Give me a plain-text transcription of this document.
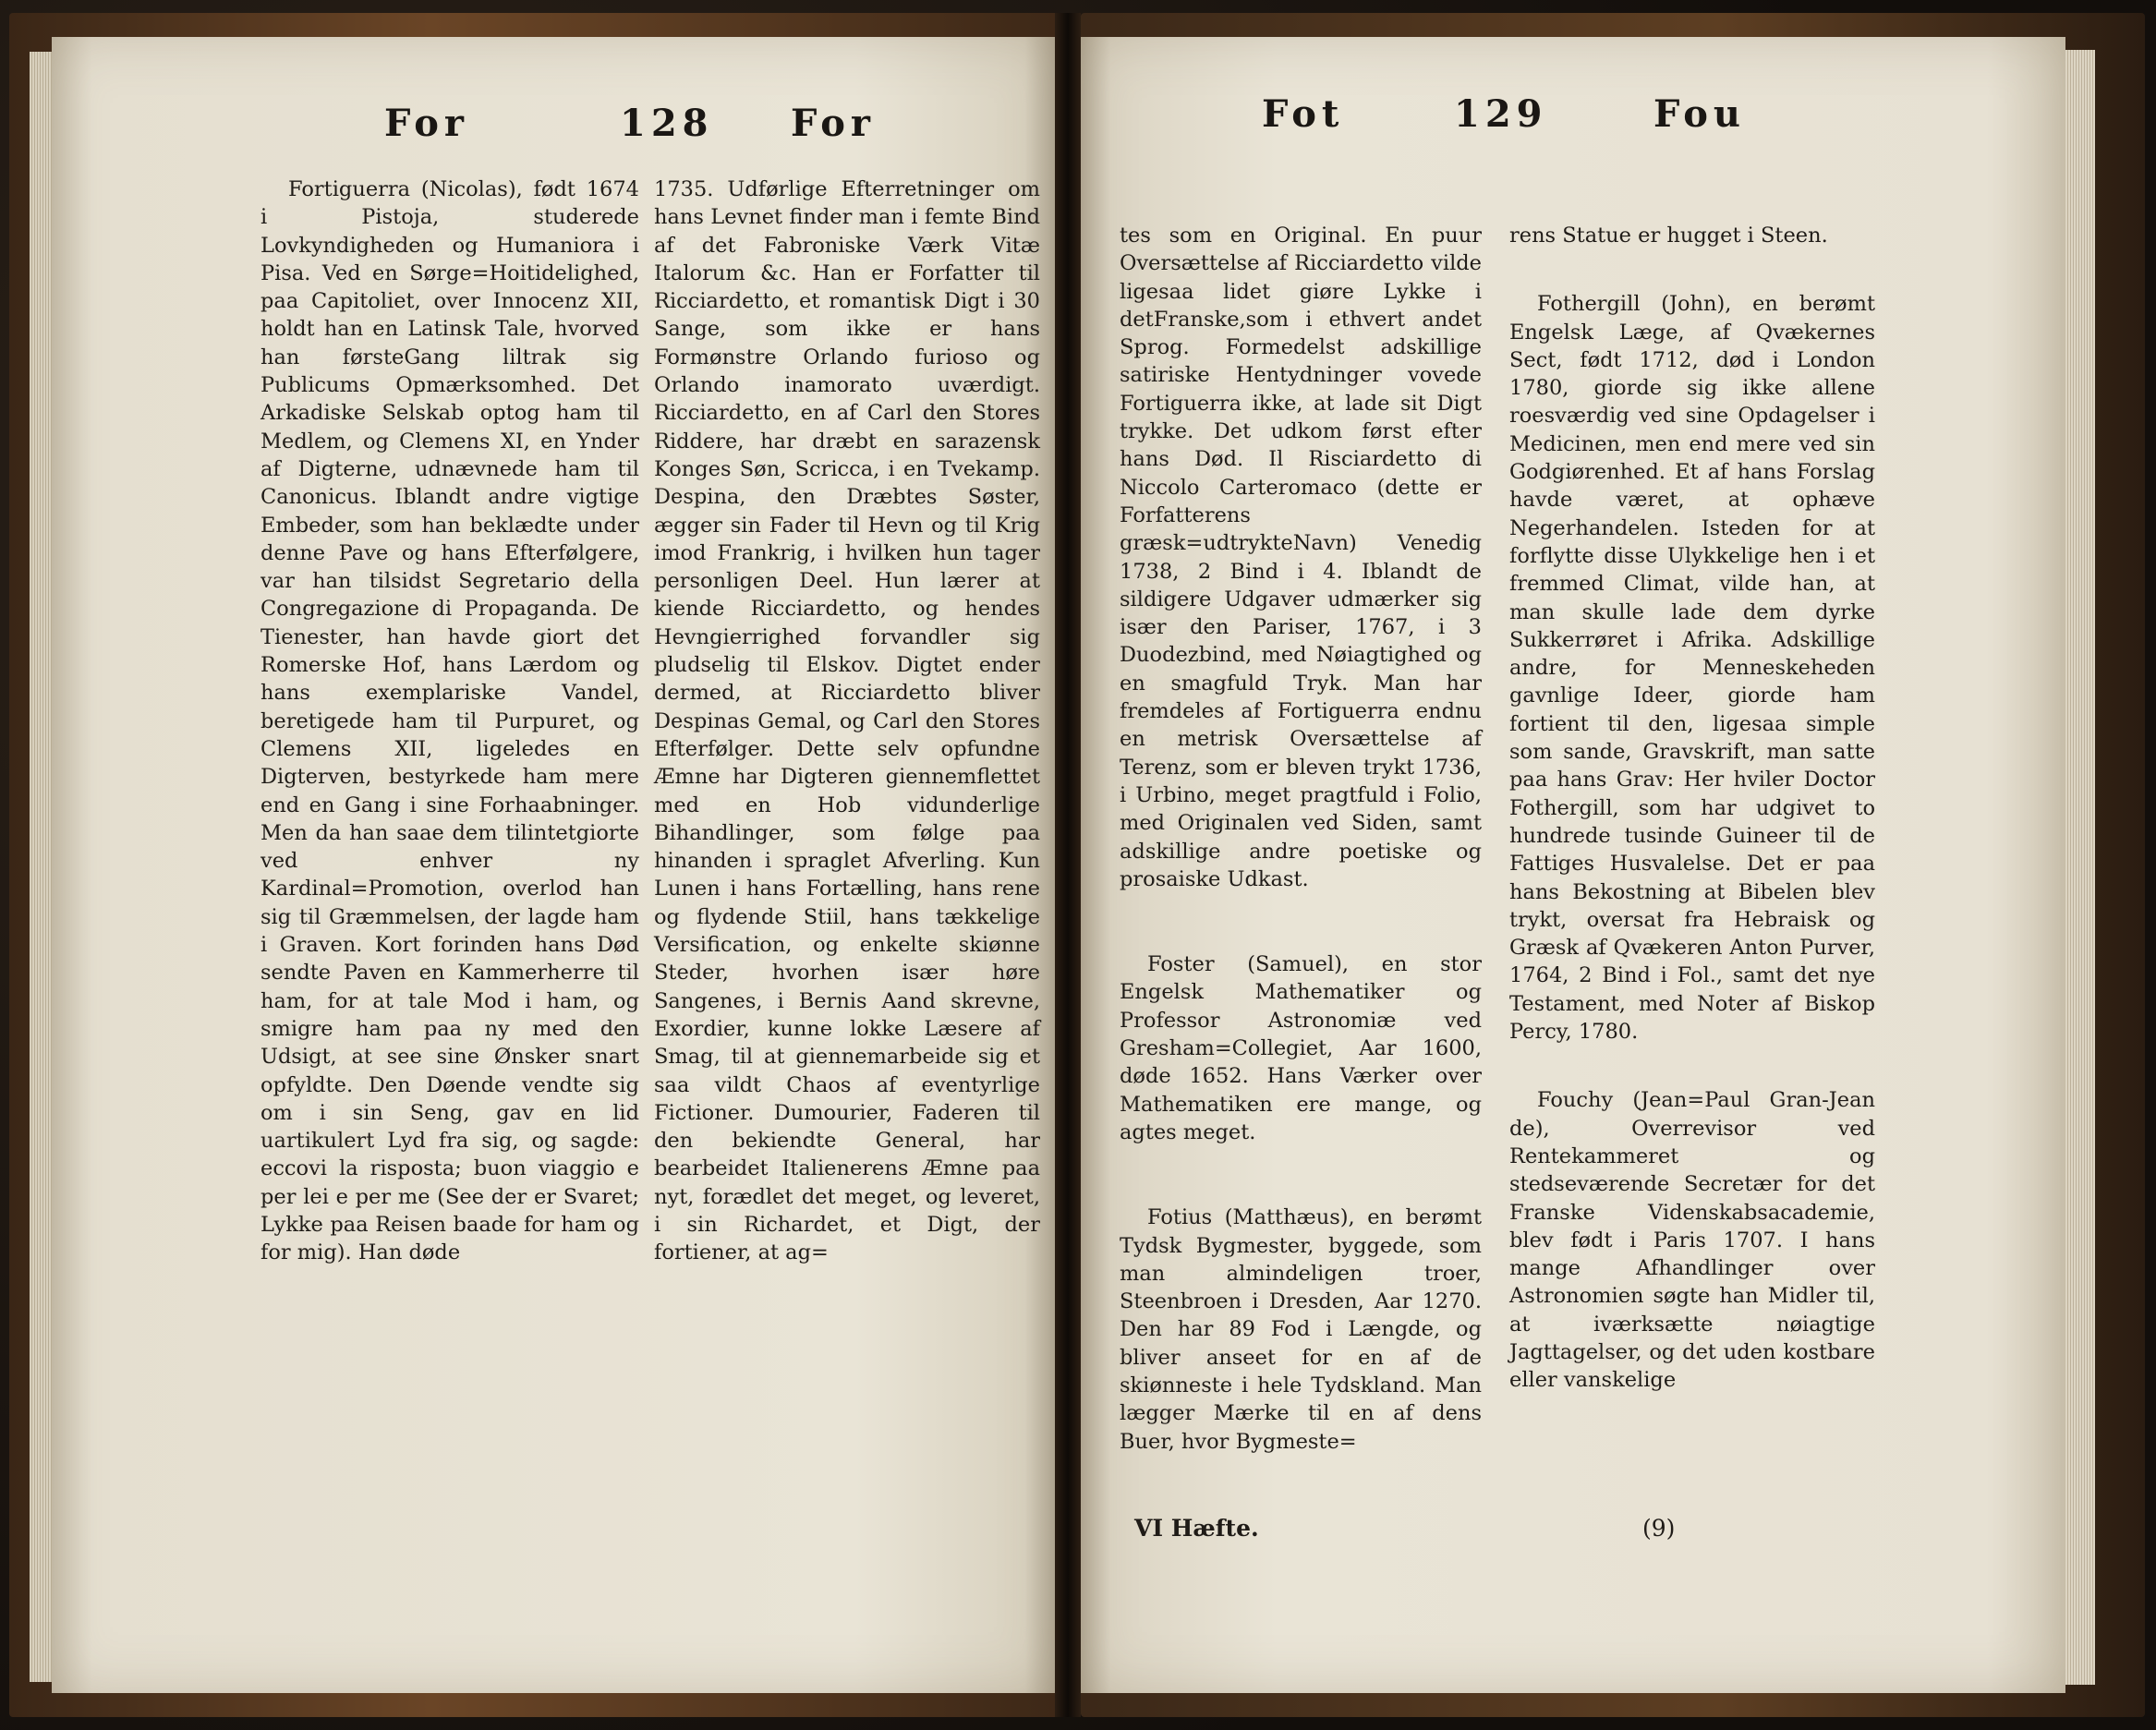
For	128 For

Fortiguerra (Nicolas), født 1674 i Pistoja, studerede Lovkyndigheden og Humaniora i Pisa. Ved en Sørge=Hoitidelighed, paa Capitoliet, over Innocenz XII, holdt han en Latinsk Tale, hvorved han førsteGang liltrak sig Publicums Opmærksomhed. Det Arkadiske Selskab optog ham til Medlem, og Clemens XI, en Ynder af Digterne, udnævnede ham til Canonicus. Iblandt andre vigtige Embeder, som han beklædte under denne Pave og hans Efterfølgere, var han tilsidst Segretario della Congregazione di Propaganda. De Tienester, han havde giort det Romerske Hof, hans Lærdom og hans exemplariske Vandel, beretigede ham til Purpuret, og Clemens XII, ligeledes en Digterven, bestyrkede ham mere end en Gang i sine Forhaabninger. Men da han saae dem tilintetgiorte ved enhver ny Kardinal=Promotion, overlod han sig til Græmmelsen, der lagde ham i Graven. Kort forinden hans Død sendte Paven en Kammerherre til ham, for at tale Mod i ham, og smigre ham paa ny med den Udsigt, at see sine Ønsker snart opfyldte. Den Døende vendte sig om i sin Seng, gav en lid uartikulert Lyd fra sig, og sagde: eccovi la risposta; buon viaggio e per lei e per me (See der er Svaret; Lykke paa Reisen baade for ham og for mig). Han døde

1735. Udførlige Efterretninger om hans Levnet finder man i femte Bind af det Fabroniske Værk Vitæ Italorum &c. Han er Forfatter til Ricciardetto, et romantisk Digt i 30 Sange, som ikke er hans Formønstre Orlando furioso og Orlando inamorato uværdigt. Ricciardetto, en af Carl den Stores Riddere, har dræbt en sarazensk Konges Søn, Scricca, i en Tvekamp. Despina, den Dræbtes Søster, ægger sin Fader til Hevn og til Krig imod Frankrig, i hvilken hun tager personligen Deel. Hun lærer at kiende Ricciardetto, og hendes Hevngierrighed forvandler sig pludselig til Elskov. Digtet ender dermed, at Ricciardetto bliver Despinas Gemal, og Carl den Stores Efterfølger. Dette selv opfundne Æmne har Digteren giennemflettet med en Hob vidunderlige Bihandlinger, som følge paa hinanden i spraglet Afverling. Kun Lunen i hans Fortælling, hans rene og flydende Stiil, hans tækkelige Versification, og enkelte skiønne Steder, hvorhen især høre Sangenes, i Bernis Aand skrevne, Exordier, kunne lokke Læsere af Smag, til at giennemarbeide sig et saa vildt Chaos af eventyrlige Fictioner. Dumourier, Faderen til den bekiendte General, har bearbeidet Italienerens Æmne paa nyt, forædlet det meget, og leveret, i sin Richardet, et Digt, der fortiener, at ag=

Fot	129	Fou

tes som en Original. En puur Oversættelse af Ricciardetto vilde ligesaa lidet giøre Lykke i detFranske,som i ethvert andet Sprog. Formedelst adskillige satiriske Hentydninger vovede Fortiguerra ikke, at lade sit Digt trykke. Det udkom først efter hans Død. Il Risciardetto di Niccolo Carteromaco (dette er Forfatterens græsk=udtrykteNavn) Venedig 1738, 2 Bind i 4. Iblandt de sildigere Udgaver udmærker sig især den Pariser, 1767, i 3 Duodezbind, med Nøiagtighed og en smagfuld Tryk. Man har fremdeles af Fortiguerra endnu en metrisk Oversættelse af Terenz, som er bleven trykt 1736, i Urbino, meget pragtfuld i Folio, med Originalen ved Siden, samt adskillige andre poetiske og prosaiske Udkast.

Foster (Samuel), en stor Engelsk Mathematiker og Professor Astronomiæ ved Gresham=Collegiet, Aar 1600, døde 1652. Hans Værker over Mathematiken ere mange, og agtes meget.

Fotius (Matthæus), en berømt Tydsk Bygmester, byggede, som man almindeligen troer, Steenbroen i Dresden, Aar 1270. Den har 89 Fod i Længde, og bliver anseet for en af de skiønneste i hele Tydskland. Man lægger Mærke til en af dens Buer, hvor Bygmeste=

rens Statue er hugget i Steen.

Fothergill (John), en berømt Engelsk Læge, af Qvækernes Sect, født 1712, død i London 1780, giorde sig ikke allene roesværdig ved sine Opdagelser i Medicinen, men end mere ved sin Godgiørenhed. Et af hans Forslag havde været, at ophæve Negerhandelen. Isteden for at forflytte disse Ulykkelige hen i et fremmed Climat, vilde han, at man skulle lade dem dyrke Sukkerrøret i Afrika. Adskillige andre, for Menneskeheden gavnlige Ideer, giorde ham fortient til den, ligesaa simple som sande, Gravskrift, man satte paa hans Grav: Her hviler Doctor Fothergill, som har udgivet to hundrede tusinde Guineer til de Fattiges Husvalelse. Det er paa hans Bekostning at Bibelen blev trykt, oversat fra Hebraisk og Græsk af Qvækeren Anton Purver, 1764, 2 Bind i Fol., samt det nye Testament, med Noter af Biskop Percy, 1780.

Fouchy (Jean=Paul Gran-Jean de), Overrevisor ved Rentekammeret og stedseværende Secretær for det Franske Videnskabsacademie, blev født i Paris 1707. I hans mange Afhandlinger over Astronomien søgte han Midler til, at iværksætte nøiagtige Jagttagelser, og det uden kostbare eller vanskelige

VI Hæfte.	(9)
